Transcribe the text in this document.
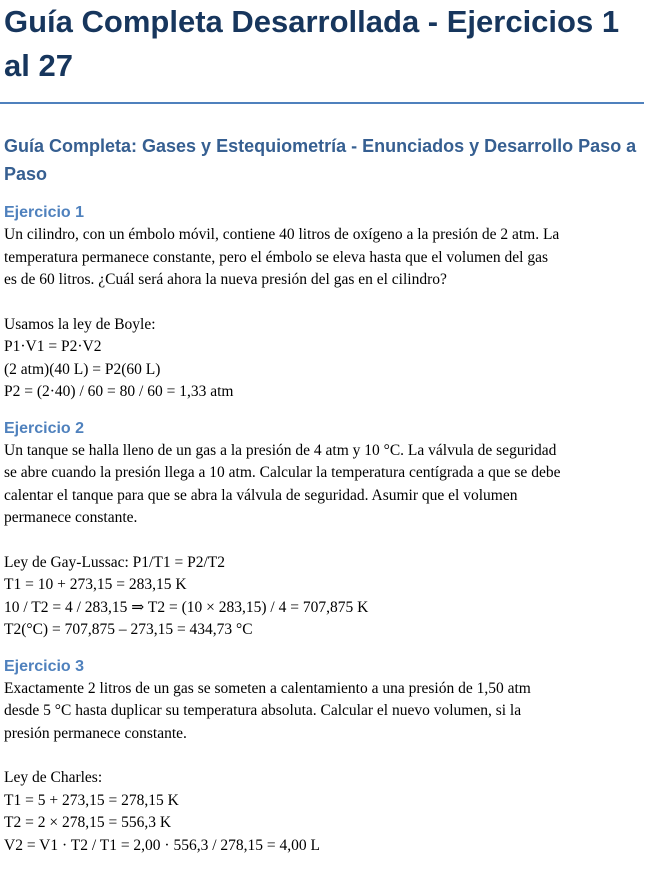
Guía Completa Desarrollada - Ejercicios 1 al 27
Guía Completa: Gases y Estequiometría - Enunciados y Desarrollo Paso a Paso
Ejercicio 1

Un cilindro, con un émbolo móvil, contiene 40 litros de oxígeno a la presión de 2 atm. La temperatura permanece constante, pero el émbolo se eleva hasta que el volumen del gas es de 60 litros. ¿Cuál será ahora la nueva presión del gas en el cilindro?

Usamos la ley de Boyle:

P1·V1 = P2·V2

(2 atm)(40 L) = P2(60 L)

P2 = (2·40) / 60 = 80 / 60 = 1,33 atm

Ejercicio 2

Un tanque se halla lleno de un gas a la presión de 4 atm y 10 °C. La válvula de seguridad se abre cuando la presión llega a 10 atm. Calcular la temperatura centígrada a que se debe calentar el tanque para que se abra la válvula de seguridad. Asumir que el volumen permanece constante.

Ley de Gay-Lussac: P1/T1 = P2/T2

T1 = 10 + 273,15 = 283,15 K

10 / T2 = 4 / 283,15 ⇒ T2 = (10 × 283,15) / 4 = 707,875 K

T2(°C) = 707,875 – 273,15 = 434,73 °C

Ejercicio 3

Exactamente 2 litros de un gas se someten a calentamiento a una presión de 1,50 atm desde 5 °C hasta duplicar su temperatura absoluta. Calcular el nuevo volumen, si la presión permanece constante.

Ley de Charles:

T1 = 5 + 273,15 = 278,15 K

T2 = 2 × 278,15 = 556,3 K

V2 = V1 · T2 / T1 = 2,00 · 556,3 / 278,15 = 4,00 L
